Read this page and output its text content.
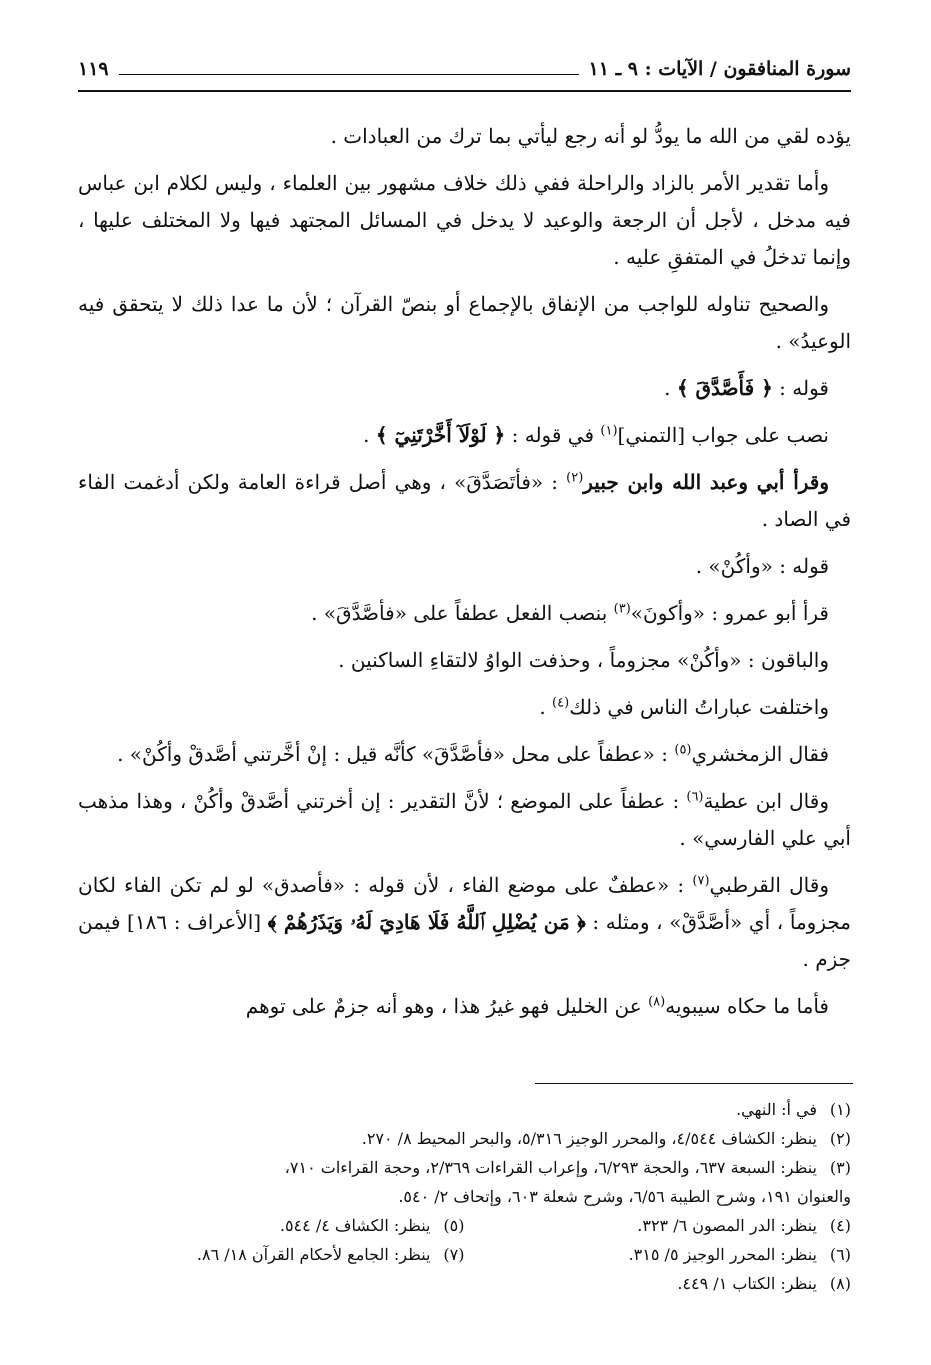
سورة المنافقون / الآيات : ٩ ـ ١١
١١٩

يؤده لقي من الله ما يودُّ لو أنه رجع ليأتي بما ترك من العبادات .

وأما تقدير الأمر بالزاد والراحلة ففي ذلك خلاف مشهور بين العلماء ، وليس لكلام ابن عباس فيه مدخل ، لأجل أن الرجعة والوعيد لا يدخل في المسائل المجتهد فيها ولا المختلف عليها ، وإنما تدخلُ في المتفقِ عليه .

والصحيح تناوله للواجب من الإنفاق بالإجماع أو بنصّ القرآن ؛ لأن ما عدا ذلك لا يتحقق فيه الوعيدُ» .

قوله : ﴿ فَأَصَّدَّقَ ﴾ .

نصب على جواب [التمني]$^{(١)}$ في قوله : ﴿ لَوْلَآ أَخَّرْتَنِيٓ ﴾ .

وقرأ أبي وعبد الله وابن جبير$^{(٢)}$ : «فأتَصَدَّقَ» ، وهي أصل قراءة العامة ولكن أدغمت الفاء في الصاد .

قوله : «وأكُنْ» .

قرأ أبو عمرو : «وأكونَ»$^{(٣)}$ بنصب الفعل عطفاً على «فأصَّدَّقَ» .

والباقون : «وأكُنْ» مجزوماً ، وحذفت الواوُ لالتقاءِ الساكنين .

واختلفت عباراتُ الناس في ذلك$^{(٤)}$ .

فقال الزمخشري$^{(٥)}$ : «عطفاً على محل «فأصَّدَّقَ» كأنَّه قيل : إنْ أخَّرتني أصَّدقْ وأكُنْ» .

وقال ابن عطية$^{(٦)}$ : عطفاً على الموضع ؛ لأنَّ التقدير : إن أخرتني أصَّدقْ وأكُنْ ، وهذا مذهب أبي علي الفارسي» .

وقال القرطبي$^{(٧)}$ : «عطفٌ على موضع الفاء ، لأن قوله : «فأصدق» لو لم تكن الفاء لكان مجزوماً ، أي «أصَّدَّقْ» ، ومثله : ﴿ مَن يُضْلِلِ ٱللَّهُ فَلَا هَادِيَ لَهُۥ وَيَذَرُهُمْ ﴾ [الأعراف : ١٨٦] فيمن جزم .

فأما ما حكاه سيبويه$^{(٨)}$ عن الخليل فهو غيرُ هذا ، وهو أنه جزمٌ على توهم

(١)في أ: النهي.

(٢)ينظر: الكشاف ٤/٥٤٤، والمحرر الوجيز ٥/٣١٦، والبحر المحيط ٨/ ٢٧٠.

(٣)ينظر: السبعة ٦٣٧، والحجة ٦/٢٩٣، وإعراب القراءات ٢/٣٦٩، وحجة القراءات ٧١٠،

والعنوان ١٩١، وشرح الطيبة ٦/٥٦، وشرح شعلة ٦٠٣، وإتحاف ٢/ ٥٤٠.

(٤)ينظر: الدر المصون ٦/ ٣٢٣.

(٥)ينظر: الكشاف ٤/ ٥٤٤.

(٦)ينظر: المحرر الوجيز ٥/ ٣١٥.

(٧)ينظر: الجامع لأحكام القرآن ١٨/ ٨٦.

(٨)ينظر: الكتاب ١/ ٤٤٩.
